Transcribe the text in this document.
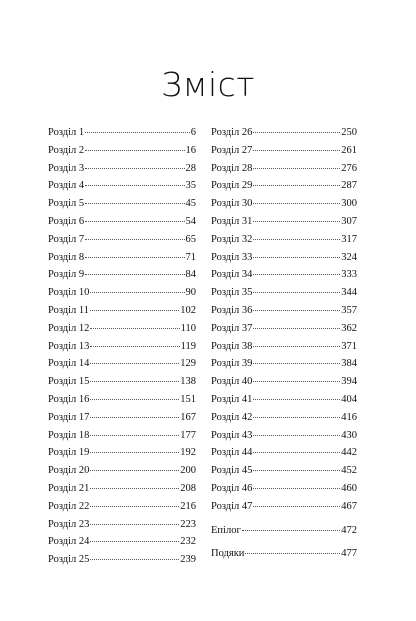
Зміст
Розділ 1	6
Розділ 2	16
Розділ 3	28
Розділ 4	35
Розділ 5	45
Розділ 6	54
Розділ 7	65
Розділ 8	71
Розділ 9	84
Розділ 10	90
Розділ 11	102
Розділ 12	110
Розділ 13	119
Розділ 14	129
Розділ 15	138
Розділ 16	151
Розділ 17	167
Розділ 18	177
Розділ 19	192
Розділ 20	200
Розділ 21	208
Розділ 22	216
Розділ 23	223
Розділ 24	232
Розділ 25	239
Розділ 26	250
Розділ 27	261
Розділ 28	276
Розділ 29	287
Розділ 30	300
Розділ 31	307
Розділ 32	317
Розділ 33	324
Розділ 34	333
Розділ 35	344
Розділ 36	357
Розділ 37	362
Розділ 38	371
Розділ 39	384
Розділ 40	394
Розділ 41	404
Розділ 42	416
Розділ 43	430
Розділ 44	442
Розділ 45	452
Розділ 46	460
Розділ 47	467
Епілог	472
Подяки	477
